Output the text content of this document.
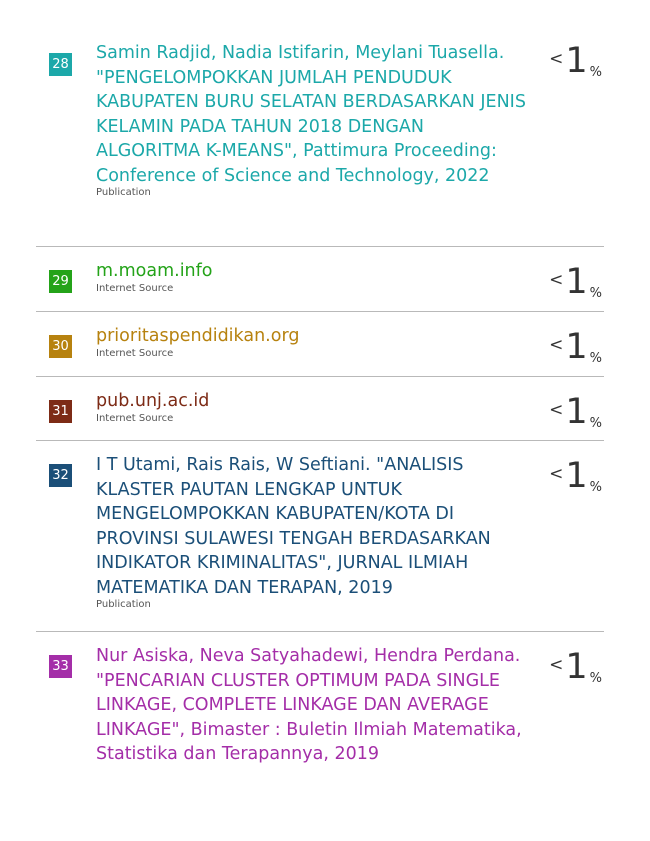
28
Samin Radjid, Nadia Istifarin, Meylani Tuasella. "PENGELOMPOKKAN JUMLAH PENDUDUK KABUPATEN BURU SELATAN BERDASARKAN JENIS KELAMIN PADA TAHUN 2018 DENGAN ALGORITMA K-MEANS", Pattimura Proceeding: Conference of Science and Technology, 2022
Publication
<1 $_{\%}$
29
m.moam.info
Internet Source	<1 $_{\%}$
30
prioritaspendidikan.org
Internet Source	<1 $_{\%}$
31
pub.unj.ac.id
Internet Source	<1 $_{\%}$
32
I T Utami, Rais Rais, W Seftiani. "ANALISIS KLASTER PAUTAN LENGKAP UNTUK MENGELOMPOKKAN KABUPATEN/KOTA DI PROVINSI SULAWESI TENGAH BERDASARKAN INDIKATOR KRIMINALITAS", JURNAL ILMIAH MATEMATIKA DAN TERAPAN, 2019
Publication
<1 $_{\%}$
33
Nur Asiska, Neva Satyahadewi, Hendra Perdana. "PENCARIAN CLUSTER OPTIMUM PADA SINGLE LINKAGE, COMPLETE LINKAGE DAN AVERAGE LINKAGE", Bimaster : Buletin Ilmiah Matematika, Statistika dan Terapannya, 2019
<1 $_{\%}$
